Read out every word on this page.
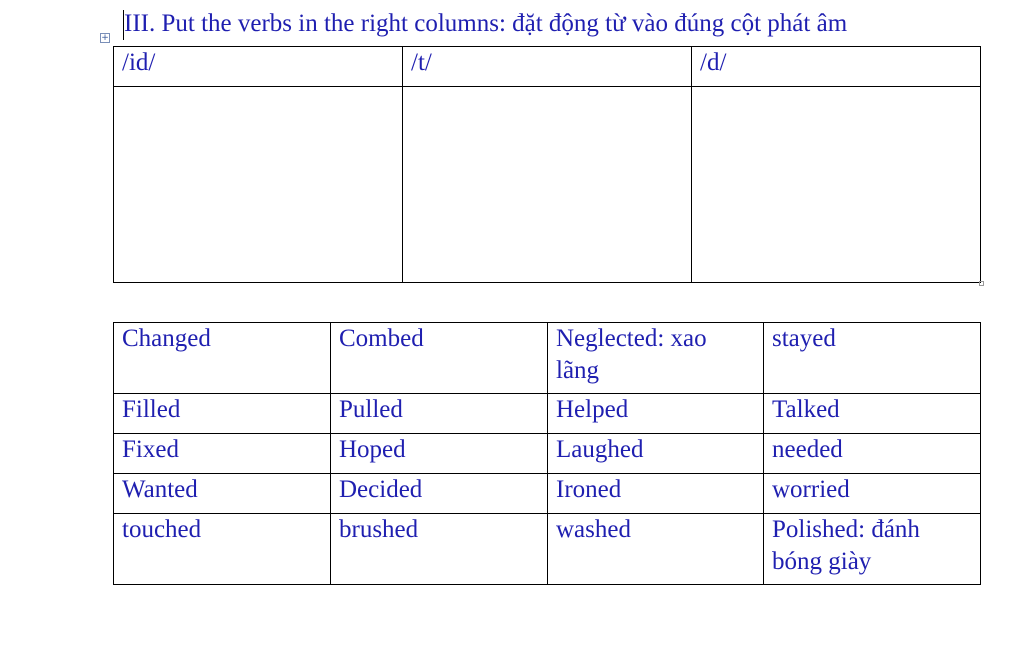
+
III. Put the verbs in the right columns: đặt động từ vào đúng cột phát âm
/id/	/t/	/d/

Changed	Combed	Neglected: xao lãng	stayed
Filled	Pulled	Helped	Talked
Fixed	Hoped	Laughed	needed
Wanted	Decided	Ironed	worried
touched	brushed	washed	Polished: đánh bóng giày
